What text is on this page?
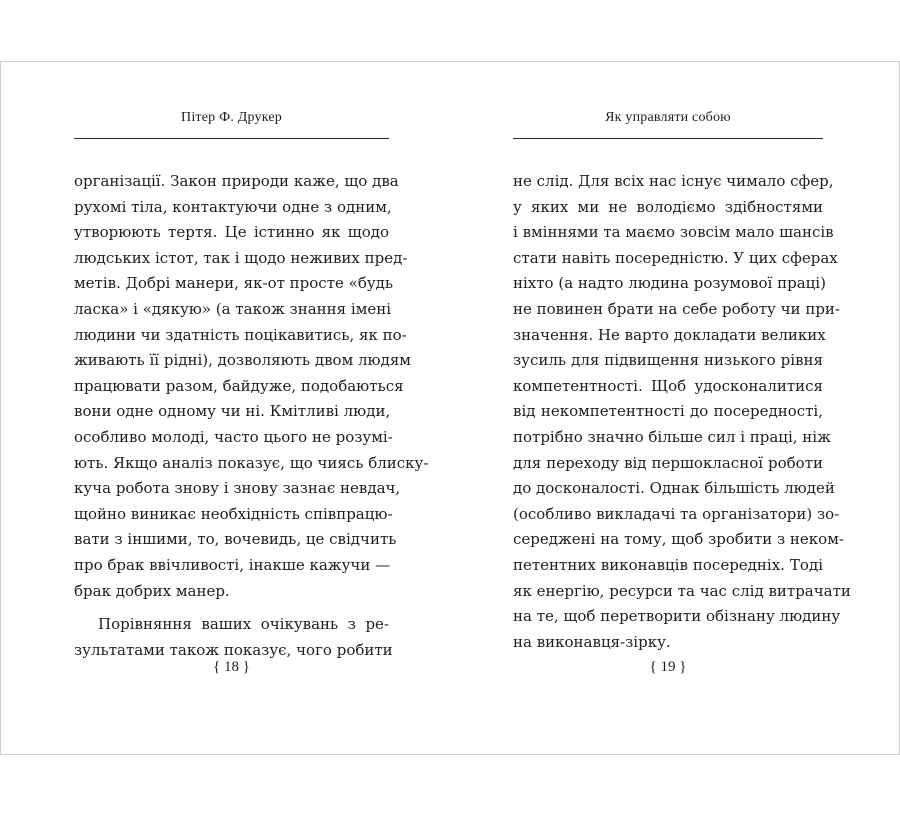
Пітер Ф. Друкер
організації. Закон природи каже, що два
рухомі тіла, контактуючи одне з одним,
утворюють тертя. Це істинно як щодо
людських істот, так і щодо неживих пред-
метів. Добрі манери, як-от просте «будь
ласка» і «дякую» (а також знання імені
людини чи здатність поцікавитись, як по-
живають її рідні), дозволяють двом людям
працювати разом, байдуже, подобаються
вони одне одному чи ні. Кмітливі люди,
особливо молоді, часто цього не розумі-
ють. Якщо аналіз показує, що чиясь блиску-
куча робота знову і знову зазнає невдач,
щойно виникає необхідність співпрацю-
вати з іншими, то, вочевидь, це свідчить
про брак ввічливості, інакше кажучи —
брак добрих манер.
Порівняння ваших очікувань з ре-
зультатами також показує, чого робити
{ 18 }
Як управляти собою
не слід. Для всіх нас існує чимало сфер,
у яких ми не володіємо здібностями
і вміннями та маємо зовсім мало шансів
стати навіть посередністю. У цих сферах
ніхто (а надто людина розумової праці)
не повинен брати на себе роботу чи при-
значення. Не варто докладати великих
зусиль для підвищення низького рівня
компетентності. Щоб удосконалитися
від некомпетентності до посередності,
потрібно значно більше сил і праці, ніж
для переходу від першокласної роботи
до досконалості. Однак більшість людей
(особливо викладачі та організатори) зо-
середжені на тому, щоб зробити з неком-
петентних виконавців посередніх. Тоді
як енергію, ресурси та час слід витрачати
на те, щоб перетворити обізнану людину
на виконавця-зірку.
{ 19 }
